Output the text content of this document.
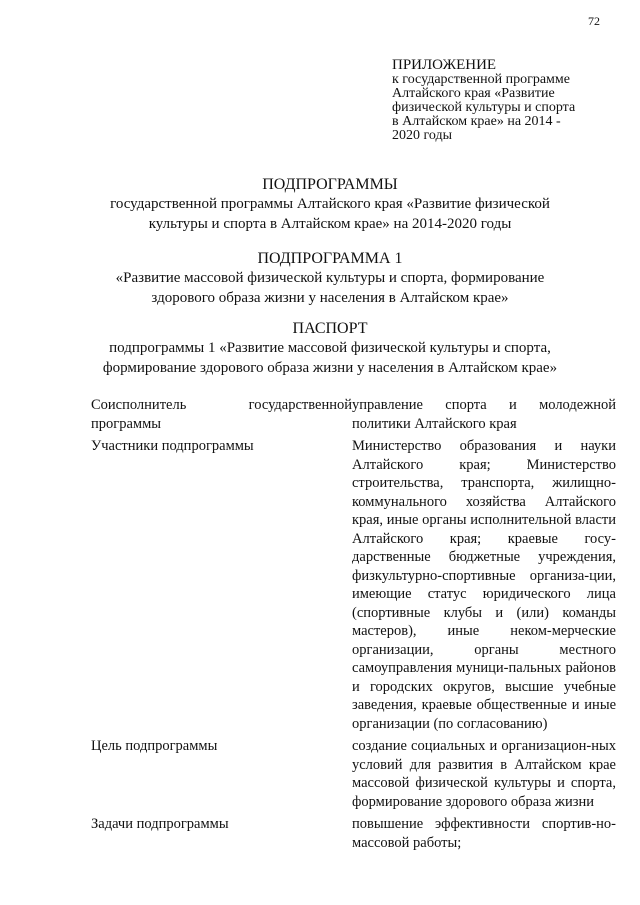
72
ПРИЛОЖЕНИЕ
к государственной программе
Алтайского края «Развитие
физической культуры и спорта
в Алтайском крае» на 2014 -
2020 годы
ПОДПРОГРАММЫ
государственной программы Алтайского края «Развитие физической
культуры и спорта в Алтайском крае» на 2014-2020 годы
ПОДПРОГРАММА 1
«Развитие массовой физической культуры и спорта, формирование
здорового образа жизни у населения в Алтайском крае»
ПАСПОРТ
подпрограммы 1 «Развитие массовой физической культуры и спорта,
формирование здорового образа жизни у населения в Алтайском крае»
Соисполнитель государственной программы	управление спорта и молодежной политики Алтайского края
Участники подпрограммы	Министерство образования и науки Алтайского края; Министерство строительства, транспорта, жилищно-коммунального хозяйства Алтайского края, иные органы исполнительной власти Алтайского края; краевые госу-дарственные бюджетные учреждения, физкультурно-спортивные организа-ции, имеющие статус юридического лица (спортивные клубы и (или) команды мастеров), иные неком-мерческие организации, органы местного самоуправления муници-пальных районов и городских округов, высшие учебные заведения, краевые общественные и иные организации (по согласованию)
Цель подпрограммы	создание социальных и организацион-ных условий для развития в Алтайском крае массовой физической культуры и спорта, формирование здорового образа жизни
Задачи подпрограммы	повышение эффективности спортив-но-массовой работы;
